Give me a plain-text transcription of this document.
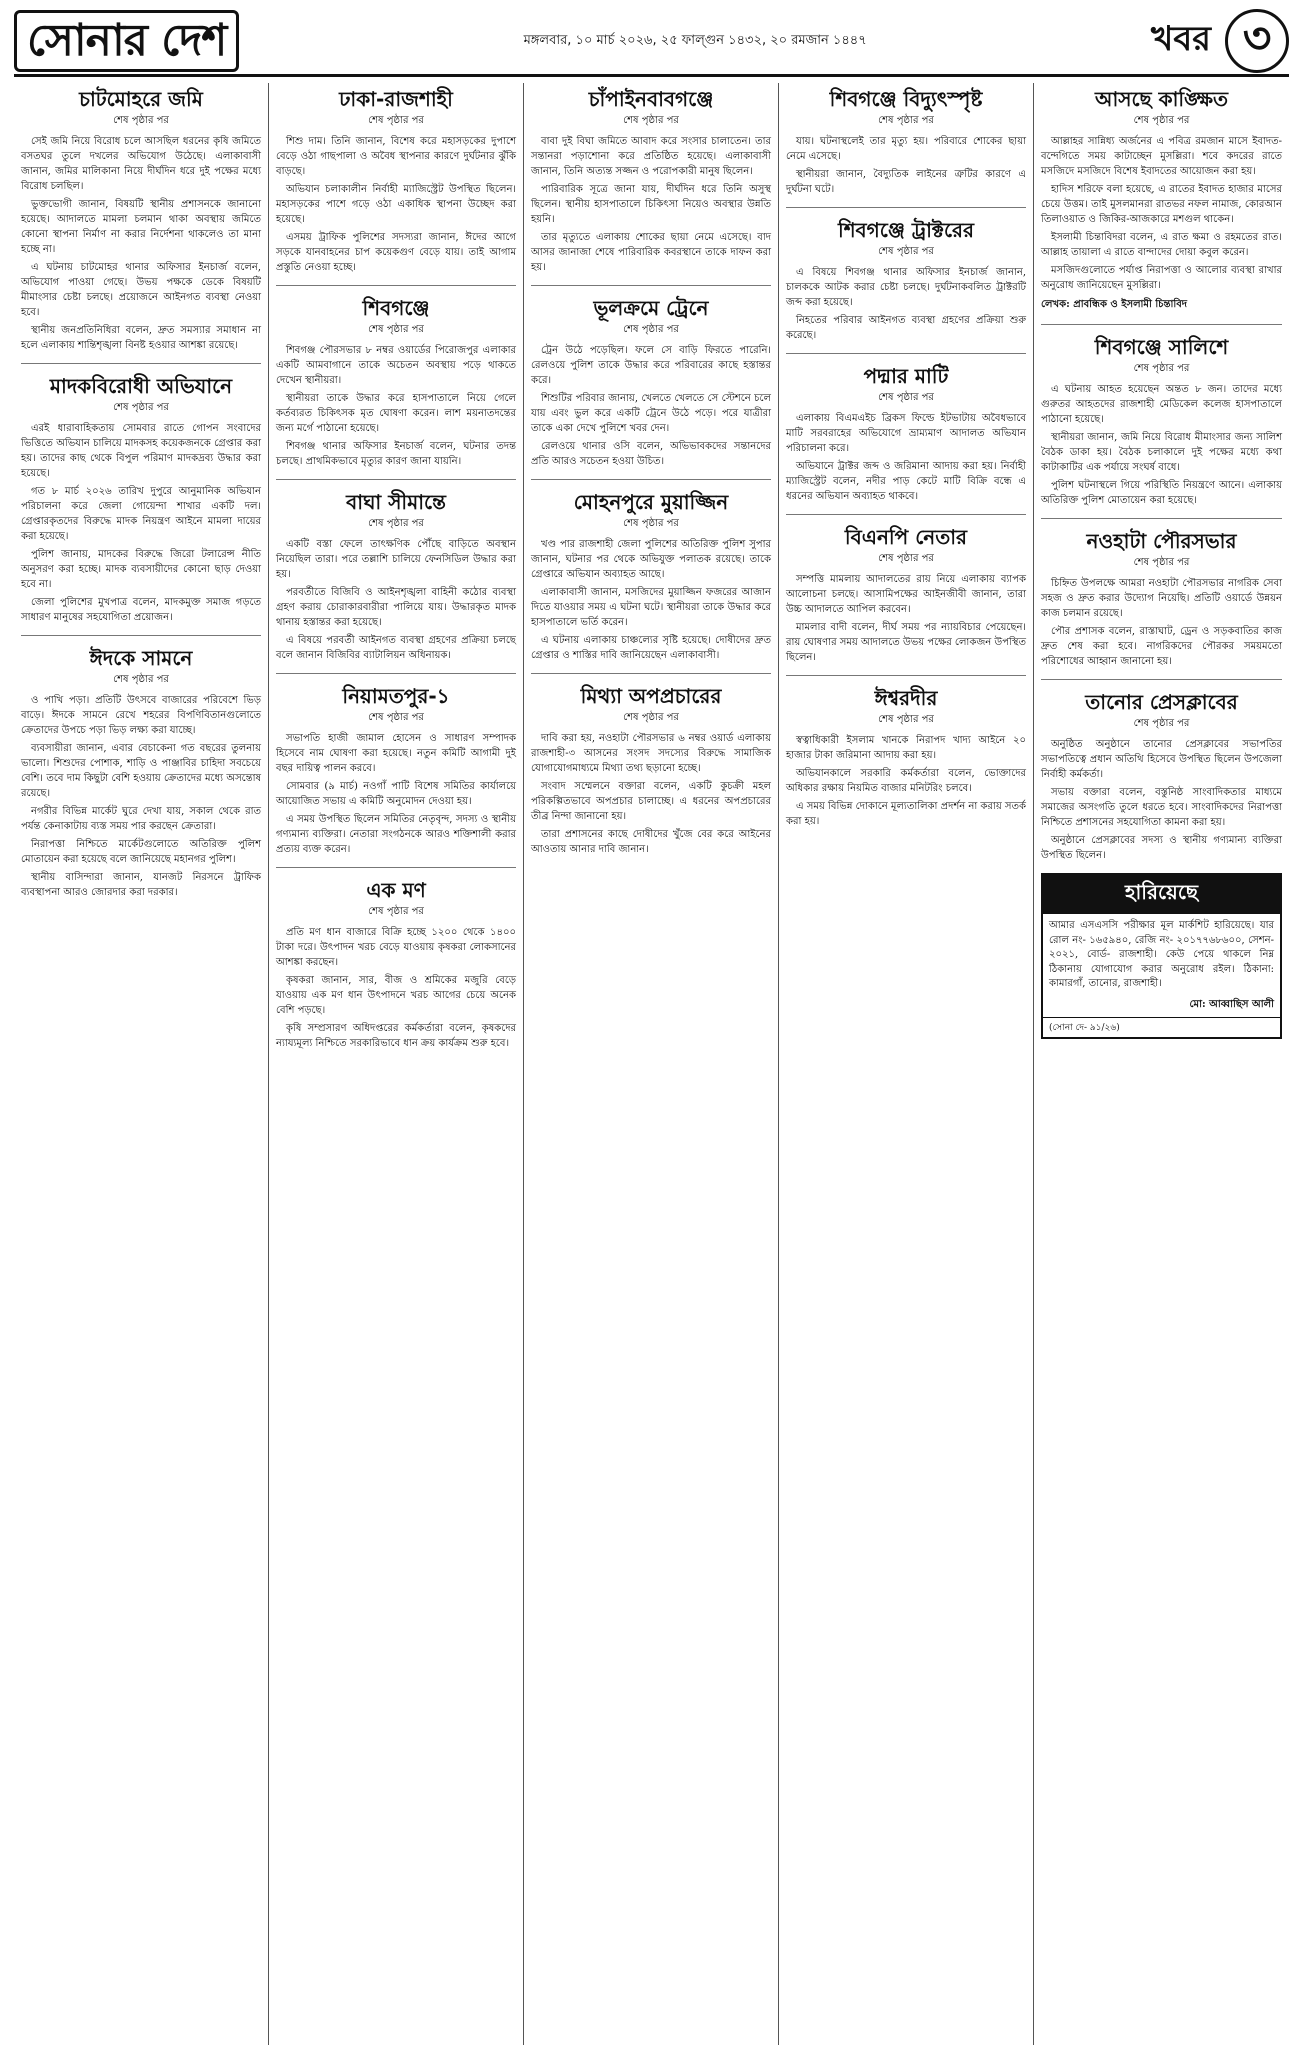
সোনার দেশ	মঙ্গলবার, ১০ মার্চ ২০২৬, ২৫ ফাল্গুন ১৪৩২, ২০ রমজান ১৪৪৭	খবর ৩
চাটমোহরে জমি
শেষ পৃষ্ঠার পর

সেই জমি নিয়ে বিরোধ চলে আসছিল ধরনের কৃষি জমিতে বসতঘর তুলে দখলের অভিযোগ উঠেছে। এলাকাবাসী জানান, জমির মালিকানা নিয়ে দীর্ঘদিন ধরে দুই পক্ষের মধ্যে বিরোধ চলছিল।

ভুক্তভোগী জানান, বিষয়টি স্থানীয় প্রশাসনকে জানানো হয়েছে। আদালতে মামলা চলমান থাকা অবস্থায় জমিতে কোনো স্থাপনা নির্মাণ না করার নির্দেশনা থাকলেও তা মানা হচ্ছে না।

এ ঘটনায় চাটমোহর থানার অফিসার ইনচার্জ বলেন, অভিযোগ পাওয়া গেছে। উভয় পক্ষকে ডেকে বিষয়টি মীমাংসার চেষ্টা চলছে। প্রয়োজনে আইনগত ব্যবস্থা নেওয়া হবে।

স্থানীয় জনপ্রতিনিধিরা বলেন, দ্রুত সমস্যার সমাধান না হলে এলাকায় শান্তিশৃঙ্খলা বিনষ্ট হওয়ার আশঙ্কা রয়েছে।

মাদকবিরোধী অভিযানে
শেষ পৃষ্ঠার পর

এরই ধারাবাহিকতায় সোমবার রাতে গোপন সংবাদের ভিত্তিতে অভিযান চালিয়ে মাদকসহ কয়েকজনকে গ্রেপ্তার করা হয়। তাদের কাছ থেকে বিপুল পরিমাণ মাদকদ্রব্য উদ্ধার করা হয়েছে।

গত ৮ মার্চ ২০২৬ তারিখ দুপুরে আনুমানিক অভিযান পরিচালনা করে জেলা গোয়েন্দা শাখার একটি দল। গ্রেপ্তারকৃতদের বিরুদ্ধে মাদক নিয়ন্ত্রণ আইনে মামলা দায়ের করা হয়েছে।

পুলিশ জানায়, মাদকের বিরুদ্ধে জিরো টলারেন্স নীতি অনুসরণ করা হচ্ছে। মাদক ব্যবসায়ীদের কোনো ছাড় দেওয়া হবে না।

জেলা পুলিশের মুখপাত্র বলেন, মাদকমুক্ত সমাজ গড়তে সাধারণ মানুষের সহযোগিতা প্রয়োজন।

ঈদকে সামনে
শেষ পৃষ্ঠার পর

ও পাখি পড়া। প্রতিটি উৎসবে বাজারের পরিবেশে ভিড় বাড়ে। ঈদকে সামনে রেখে শহরের বিপণিবিতানগুলোতে ক্রেতাদের উপচে পড়া ভিড় লক্ষ্য করা যাচ্ছে।

ব্যবসায়ীরা জানান, এবার বেচাকেনা গত বছরের তুলনায় ভালো। শিশুদের পোশাক, শাড়ি ও পাঞ্জাবির চাহিদা সবচেয়ে বেশি। তবে দাম কিছুটা বেশি হওয়ায় ক্রেতাদের মধ্যে অসন্তোষ রয়েছে।

নগরীর বিভিন্ন মার্কেট ঘুরে দেখা যায়, সকাল থেকে রাত পর্যন্ত কেনাকাটায় ব্যস্ত সময় পার করছেন ক্রেতারা।

নিরাপত্তা নিশ্চিতে মার্কেটগুলোতে অতিরিক্ত পুলিশ মোতায়েন করা হয়েছে বলে জানিয়েছে মহানগর পুলিশ।

স্থানীয় বাসিন্দারা জানান, যানজট নিরসনে ট্রাফিক ব্যবস্থাপনা আরও জোরদার করা দরকার।

ঢাকা-রাজশাহী
শেষ পৃষ্ঠার পর

শিশু দাম। তিনি জানান, বিশেষ করে মহাসড়কের দুপাশে বেড়ে ওঠা গাছপালা ও অবৈধ স্থাপনার কারণে দুর্ঘটনার ঝুঁকি বাড়ছে।

অভিযান চলাকালীন নির্বাহী ম্যাজিস্ট্রেট উপস্থিত ছিলেন। মহাসড়কের পাশে গড়ে ওঠা একাধিক স্থাপনা উচ্ছেদ করা হয়েছে।

এসময় ট্রাফিক পুলিশের সদস্যরা জানান, ঈদের আগে সড়কে যানবাহনের চাপ কয়েকগুণ বেড়ে যায়। তাই আগাম প্রস্তুতি নেওয়া হচ্ছে।

শিবগঞ্জে
শেষ পৃষ্ঠার পর

শিবগঞ্জ পৌরসভার ৮ নম্বর ওয়ার্ডের পিরোজপুর এলাকার একটি আমবাগানে তাকে অচেতন অবস্থায় পড়ে থাকতে দেখেন স্থানীয়রা।

স্থানীয়রা তাকে উদ্ধার করে হাসপাতালে নিয়ে গেলে কর্তব্যরত চিকিৎসক মৃত ঘোষণা করেন। লাশ ময়নাতদন্তের জন্য মর্গে পাঠানো হয়েছে।

শিবগঞ্জ থানার অফিসার ইনচার্জ বলেন, ঘটনার তদন্ত চলছে। প্রাথমিকভাবে মৃত্যুর কারণ জানা যায়নি।

বাঘা সীমান্তে
শেষ পৃষ্ঠার পর

একটি বস্তা ফেলে তাৎক্ষণিক পৌঁছে বাড়িতে অবস্থান নিয়েছিল তারা। পরে তল্লাশি চালিয়ে ফেনসিডিল উদ্ধার করা হয়।

পরবর্তীতে বিজিবি ও আইনশৃঙ্খলা বাহিনী কঠোর ব্যবস্থা গ্রহণ করায় চোরাকারবারীরা পালিয়ে যায়। উদ্ধারকৃত মাদক থানায় হস্তান্তর করা হয়েছে।

এ বিষয়ে পরবর্তী আইনগত ব্যবস্থা গ্রহণের প্রক্রিয়া চলছে বলে জানান বিজিবির ব্যাটালিয়ন অধিনায়ক।

নিয়ামতপুর-১
শেষ পৃষ্ঠার পর

সভাপতি হাজী জামাল হোসেন ও সাধারণ সম্পাদক হিসেবে নাম ঘোষণা করা হয়েছে। নতুন কমিটি আগামী দুই বছর দায়িত্ব পালন করবে।

সোমবার (৯ মার্চ) নওগাঁ পাটি বিশেষ সমিতির কার্যালয়ে আয়োজিত সভায় এ কমিটি অনুমোদন দেওয়া হয়।

এ সময় উপস্থিত ছিলেন সমিতির নেতৃবৃন্দ, সদস্য ও স্থানীয় গণ্যমান্য ব্যক্তিরা। নেতারা সংগঠনকে আরও শক্তিশালী করার প্রত্যয় ব্যক্ত করেন।

এক মণ
শেষ পৃষ্ঠার পর

প্রতি মণ ধান বাজারে বিক্রি হচ্ছে ১২০০ থেকে ১৪০০ টাকা দরে। উৎপাদন খরচ বেড়ে যাওয়ায় কৃষকরা লোকসানের আশঙ্কা করছেন।

কৃষকরা জানান, সার, বীজ ও শ্রমিকের মজুরি বেড়ে যাওয়ায় এক মণ ধান উৎপাদনে খরচ আগের চেয়ে অনেক বেশি পড়ছে।

কৃষি সম্প্রসারণ অধিদপ্তরের কর্মকর্তারা বলেন, কৃষকদের ন্যায্যমূল্য নিশ্চিতে সরকারিভাবে ধান ক্রয় কার্যক্রম শুরু হবে।

চাঁপাইনবাবগঞ্জে
শেষ পৃষ্ঠার পর

বাবা দুই বিঘা জমিতে আবাদ করে সংসার চালাতেন। তার সন্তানরা পড়াশোনা করে প্রতিষ্ঠিত হয়েছে। এলাকাবাসী জানান, তিনি অত্যন্ত সজ্জন ও পরোপকারী মানুষ ছিলেন।

পারিবারিক সূত্রে জানা যায়, দীর্ঘদিন ধরে তিনি অসুস্থ ছিলেন। স্থানীয় হাসপাতালে চিকিৎসা নিয়েও অবস্থার উন্নতি হয়নি।

তার মৃত্যুতে এলাকায় শোকের ছায়া নেমে এসেছে। বাদ আসর জানাজা শেষে পারিবারিক কবরস্থানে তাকে দাফন করা হয়।

ভূলক্রমে ট্রেনে
শেষ পৃষ্ঠার পর

ট্রেন উঠে পড়েছিল। ফলে সে বাড়ি ফিরতে পারেনি। রেলওয়ে পুলিশ তাকে উদ্ধার করে পরিবারের কাছে হস্তান্তর করে।

শিশুটির পরিবার জানায়, খেলতে খেলতে সে স্টেশনে চলে যায় এবং ভুল করে একটি ট্রেনে উঠে পড়ে। পরে যাত্রীরা তাকে একা দেখে পুলিশে খবর দেন।

রেলওয়ে থানার ওসি বলেন, অভিভাবকদের সন্তানদের প্রতি আরও সচেতন হওয়া উচিত।

মোহনপুরে মুয়াজ্জিন
শেষ পৃষ্ঠার পর

খণ্ড পার রাজশাহী জেলা পুলিশের অতিরিক্ত পুলিশ সুপার জানান, ঘটনার পর থেকে অভিযুক্ত পলাতক রয়েছে। তাকে গ্রেপ্তারে অভিযান অব্যাহত আছে।

এলাকাবাসী জানান, মসজিদের মুয়াজ্জিন ফজরের আজান দিতে যাওয়ার সময় এ ঘটনা ঘটে। স্থানীয়রা তাকে উদ্ধার করে হাসপাতালে ভর্তি করেন।

এ ঘটনায় এলাকায় চাঞ্চল্যের সৃষ্টি হয়েছে। দোষীদের দ্রুত গ্রেপ্তার ও শাস্তির দাবি জানিয়েছেন এলাকাবাসী।

মিথ্যা অপপ্রচারের
শেষ পৃষ্ঠার পর

দাবি করা হয়, নওহাটা পৌরসভার ৬ নম্বর ওয়ার্ড এলাকায় রাজশাহী-৩ আসনের সংসদ সদস্যের বিরুদ্ধে সামাজিক যোগাযোগমাধ্যমে মিথ্যা তথ্য ছড়ানো হচ্ছে।

সংবাদ সম্মেলনে বক্তারা বলেন, একটি কুচক্রী মহল পরিকল্পিতভাবে অপপ্রচার চালাচ্ছে। এ ধরনের অপপ্রচারের তীব্র নিন্দা জানানো হয়।

তারা প্রশাসনের কাছে দোষীদের খুঁজে বের করে আইনের আওতায় আনার দাবি জানান।

শিবগঞ্জে বিদ্যুৎস্পৃষ্ট
শেষ পৃষ্ঠার পর

যায়। ঘটনাস্থলেই তার মৃত্যু হয়। পরিবারে শোকের ছায়া নেমে এসেছে।

স্থানীয়রা জানান, বৈদ্যুতিক লাইনের ত্রুটির কারণে এ দুর্ঘটনা ঘটে।

শিবগঞ্জে ট্রাক্টরের
শেষ পৃষ্ঠার পর

এ বিষয়ে শিবগঞ্জ থানার অফিসার ইনচার্জ জানান, চালককে আটক করার চেষ্টা চলছে। দুর্ঘটনাকবলিত ট্রাক্টরটি জব্দ করা হয়েছে।

নিহতের পরিবার আইনগত ব্যবস্থা গ্রহণের প্রক্রিয়া শুরু করেছে।

পদ্মার মাটি
শেষ পৃষ্ঠার পর

এলাকায় বিএমএইচ ব্রিকস ফিল্ডে ইটভাটায় অবৈধভাবে মাটি সরবরাহের অভিযোগে ভ্রাম্যমাণ আদালত অভিযান পরিচালনা করে।

অভিযানে ট্রাক্টর জব্দ ও জরিমানা আদায় করা হয়। নির্বাহী ম্যাজিস্ট্রেট বলেন, নদীর পাড় কেটে মাটি বিক্রি বন্ধে এ ধরনের অভিযান অব্যাহত থাকবে।

বিএনপি নেতার
শেষ পৃষ্ঠার পর

সম্পত্তি মামলায় আদালতের রায় নিয়ে এলাকায় ব্যাপক আলোচনা চলছে। আসামিপক্ষের আইনজীবী জানান, তারা উচ্চ আদালতে আপিল করবেন।

মামলার বাদী বলেন, দীর্ঘ সময় পর ন্যায়বিচার পেয়েছেন। রায় ঘোষণার সময় আদালতে উভয় পক্ষের লোকজন উপস্থিত ছিলেন।

ঈশ্বরদীর
শেষ পৃষ্ঠার পর

স্বত্বাধিকারী ইসলাম খানকে নিরাপদ খাদ্য আইনে ২০ হাজার টাকা জরিমানা আদায় করা হয়।

অভিযানকালে সরকারি কর্মকর্তারা বলেন, ভোক্তাদের অধিকার রক্ষায় নিয়মিত বাজার মনিটরিং চলবে।

এ সময় বিভিন্ন দোকানে মূল্যতালিকা প্রদর্শন না করায় সতর্ক করা হয়।

আসছে কাঙ্ক্ষিত
শেষ পৃষ্ঠার পর

আল্লাহর সান্নিধ্য অর্জনের এ পবিত্র রমজান মাসে ইবাদত-বন্দেগিতে সময় কাটাচ্ছেন মুসল্লিরা। শবে কদরের রাতে মসজিদে মসজিদে বিশেষ ইবাদতের আয়োজন করা হয়।

হাদিস শরিফে বলা হয়েছে, এ রাতের ইবাদত হাজার মাসের চেয়ে উত্তম। তাই মুসলমানরা রাতভর নফল নামাজ, কোরআন তিলাওয়াত ও জিকির-আজকারে মশগুল থাকেন।

ইসলামী চিন্তাবিদরা বলেন, এ রাত ক্ষমা ও রহমতের রাত। আল্লাহ তায়ালা এ রাতে বান্দাদের দোয়া কবুল করেন।

মসজিদগুলোতে পর্যাপ্ত নিরাপত্তা ও আলোর ব্যবস্থা রাখার অনুরোধ জানিয়েছেন মুসল্লিরা।

লেখক: প্রাবন্ধিক ও ইসলামী চিন্তাবিদ
শিবগঞ্জে সালিশে
শেষ পৃষ্ঠার পর

এ ঘটনায় আহত হয়েছেন অন্তত ৮ জন। তাদের মধ্যে গুরুতর আহতদের রাজশাহী মেডিকেল কলেজ হাসপাতালে পাঠানো হয়েছে।

স্থানীয়রা জানান, জমি নিয়ে বিরোধ মীমাংসার জন্য সালিশ বৈঠক ডাকা হয়। বৈঠক চলাকালে দুই পক্ষের মধ্যে কথা কাটাকাটির এক পর্যায়ে সংঘর্ষ বাধে।

পুলিশ ঘটনাস্থলে গিয়ে পরিস্থিতি নিয়ন্ত্রণে আনে। এলাকায় অতিরিক্ত পুলিশ মোতায়েন করা হয়েছে।

নওহাটা পৌরসভার
শেষ পৃষ্ঠার পর

চিহ্নিত উপলক্ষে আমরা নওহাটা পৌরসভার নাগরিক সেবা সহজ ও দ্রুত করার উদ্যোগ নিয়েছি। প্রতিটি ওয়ার্ডে উন্নয়ন কাজ চলমান রয়েছে।

পৌর প্রশাসক বলেন, রাস্তাঘাট, ড্রেন ও সড়কবাতির কাজ দ্রুত শেষ করা হবে। নাগরিকদের পৌরকর সময়মতো পরিশোধের আহ্বান জানানো হয়।

তানোর প্রেসক্লাবের
শেষ পৃষ্ঠার পর

অনুষ্ঠিত অনুষ্ঠানে তানোর প্রেসক্লাবের সভাপতির সভাপতিত্বে প্রধান অতিথি হিসেবে উপস্থিত ছিলেন উপজেলা নির্বাহী কর্মকর্তা।

সভায় বক্তারা বলেন, বস্তুনিষ্ঠ সাংবাদিকতার মাধ্যমে সমাজের অসংগতি তুলে ধরতে হবে। সাংবাদিকদের নিরাপত্তা নিশ্চিতে প্রশাসনের সহযোগিতা কামনা করা হয়।

অনুষ্ঠানে প্রেসক্লাবের সদস্য ও স্থানীয় গণ্যমান্য ব্যক্তিরা উপস্থিত ছিলেন।

হারিয়েছে
আমার এসএসসি পরীক্ষার মূল মার্কশিট হারিয়েছে। যার রোল নং- ১৬৫৯৪০, রেজি নং- ২০১৭৭৬৮৬০০, সেশন- ২০২১, বোর্ড- রাজশাহী। কেউ পেয়ে থাকলে নিম্ন ঠিকানায় যোগাযোগ করার অনুরোধ রইল। ঠিকানা: কামারগাঁ, তানোর, রাজশাহী।
মো: আব্বাছিস আলী
(সোনা দে- ৯১/২৬)
